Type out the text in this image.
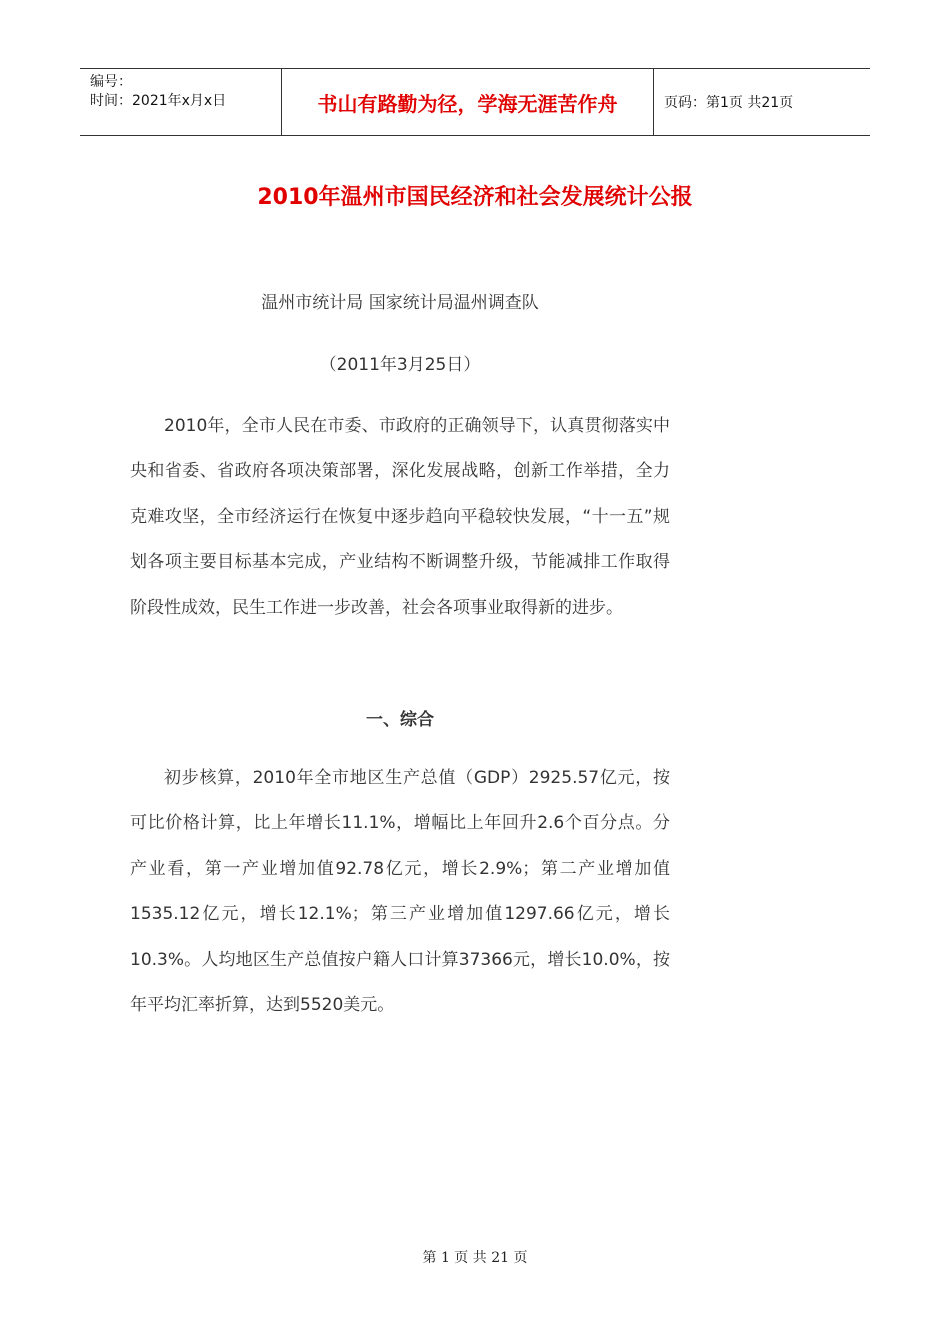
编号：
时间：2021年x月x日	书山有路勤为径，学海无涯苦作舟	页码：第1页 共21页
2010年温州市国民经济和社会发展统计公报
温州市统计局 国家统计局温州调查队
（2011年3月25日）

2010年，全市人民在市委、市政府的正确领导下，认真贯彻落实中央和省委、省政府各项决策部署，深化发展战略，创新工作举措，全力克难攻坚，全市经济运行在恢复中逐步趋向平稳较快发展，“十一五”规划各项主要目标基本完成，产业结构不断调整升级，节能减排工作取得阶段性成效，民生工作进一步改善，社会各项事业取得新的进步。

一、综合

初步核算，2010年全市地区生产总值（GDP）2925.57亿元，按可比价格计算，比上年增长11.1%，增幅比上年回升2.6个百分点。分产业看，第一产业增加值92.78亿元，增长2.9%；第二产业增加值1535.12亿元，增长12.1%；第三产业增加值1297.66亿元，增长10.3%。人均地区生产总值按户籍人口计算37366元，增长10.0%，按年平均汇率折算，达到5520美元。

第 1 页 共 21 页
